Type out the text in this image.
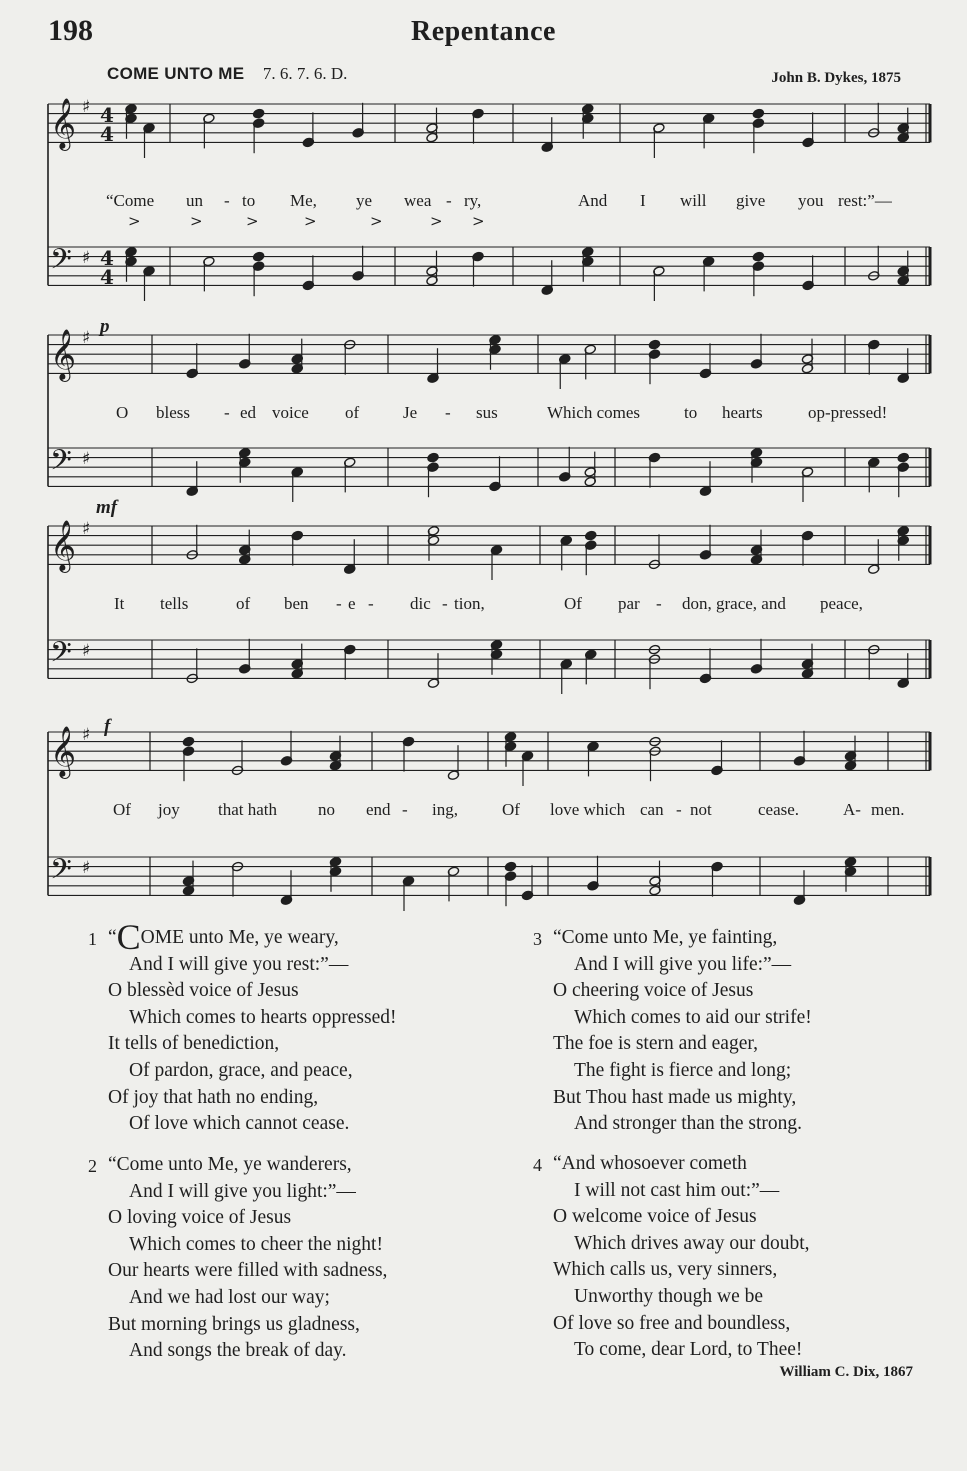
198	Repentance
COME UNTO ME 7. 6. 7. 6. D.	John B. Dykes, 1875
𝄞
𝄢
♯
♯
4
4
4
4
𝄞
𝄢
♯
♯
𝄞
𝄢
♯
♯
𝄞
𝄢
♯
♯
>	>	>	>	>	> >
p
mf
f
“Come un - to Me, ye wea - ry,	And I will give you rest:”—
O bless - ed voice of	Je - sus	Which comes	to hearts	op-pressed!
It tells	of ben - e - dic - tion,	Of par - don, grace, and peace,
Of joy that hath no end - ing,	Of love which can - not	cease.	A- men.
1 “COME unto Me, ye weary,
And I will give you rest:”—
O blessèd voice of Jesus
Which comes to hearts oppressed!
It tells of benediction,
Of pardon, grace, and peace,
Of joy that hath no ending,
Of love which cannot cease.
2 “Come unto Me, ye wanderers,
And I will give you light:”—
O loving voice of Jesus
Which comes to cheer the night!
Our hearts were filled with sadness,
And we had lost our way;
But morning brings us gladness,
And songs the break of day.
3 “Come unto Me, ye fainting,
And I will give you life:”—
O cheering voice of Jesus
Which comes to aid our strife!
The foe is stern and eager,
The fight is fierce and long;
But Thou hast made us mighty,
And stronger than the strong.
4 “And whosoever cometh
I will not cast him out:”—
O welcome voice of Jesus
Which drives away our doubt,
Which calls us, very sinners,
Unworthy though we be
Of love so free and boundless,
To come, dear Lord, to Thee!
William C. Dix, 1867
